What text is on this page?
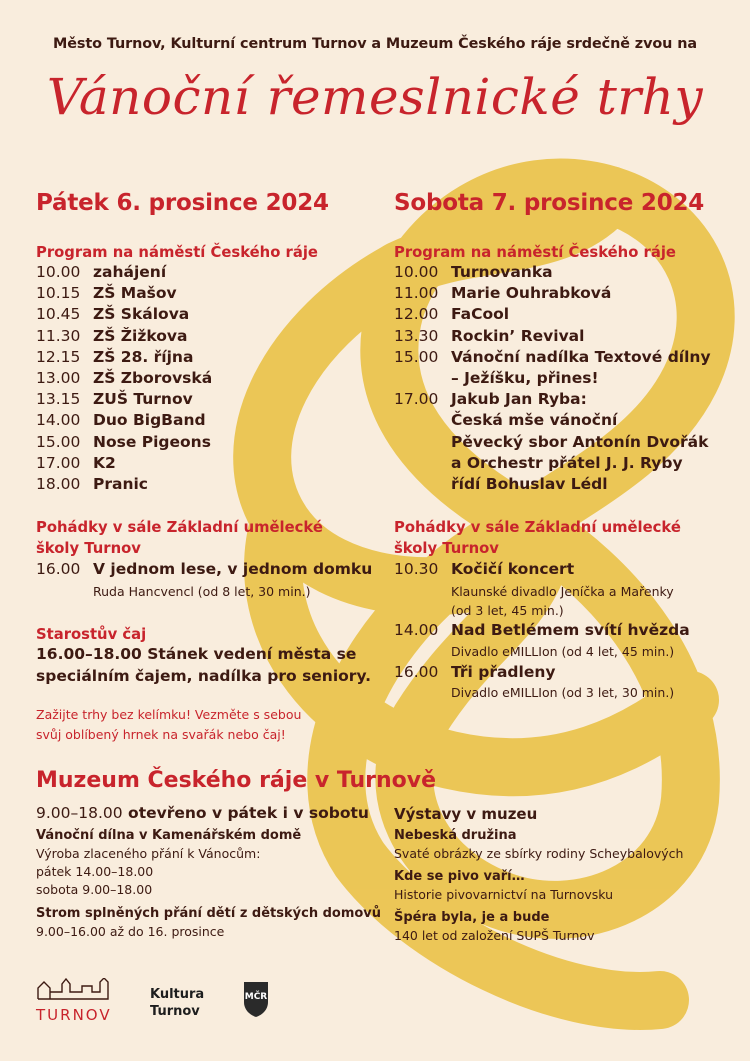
Město Turnov, Kulturní centrum Turnov a Muzeum Českého ráje srdečně zvou na
Vánoční řemeslnické trhy
Pátek 6. prosince 2024
Program na náměstí Českého ráje
10.00 zahájení
10.15 ZŠ Mašov
10.45 ZŠ Skálova
11.30 ZŠ Žižkova
12.15 ZŠ 28. října
13.00 ZŠ Zborovská
13.15 ZUŠ Turnov
14.00 Duo BigBand
15.00 Nose Pigeons
17.00 K2
18.00 Pranic
Pohádky v sále Základní umělecké
školy Turnov
16.00 V jednom lese, v jednom domku
Ruda Hancvencl (od 8 let, 30 min.)
Starostův čaj
16.00–18.00 Stánek vedení města se
speciálním čajem, nadílka pro seniory.
Zažijte trhy bez kelímku! Vezměte s sebou
svůj oblíbený hrnek na svařák nebo čaj!
Sobota 7. prosince 2024
Program na náměstí Českého ráje
10.00 Turnovanka
11.00 Marie Ouhrabková
12.00 FaCool
13.30 Rockin’ Revival
15.00 Vánoční nadílka Textové dílny
– Ježíšku, přines!
17.00 Jakub Jan Ryba:
Česká mše vánoční
Pěvecký sbor Antonín Dvořák
a Orchestr přátel J. J. Ryby
řídí Bohuslav Lédl
Pohádky v sále Základní umělecké
školy Turnov
10.30 Kočičí koncert
Klaunské divadlo Jeníčka a Mařenky
(od 3 let, 45 min.)
14.00 Nad Betlémem svítí hvězda
Divadlo eMILLIon (od 4 let, 45 min.)
16.00 Tři přadleny
Divadlo eMILLIon (od 3 let, 30 min.)
Muzeum Českého ráje v Turnově
9.00–18.00 otevřeno v pátek i v sobotu
Vánoční dílna v Kamenářském domě
Výroba zlaceného přání k Vánocům:
pátek 14.00–18.00
sobota 9.00–18.00
Strom splněných přání dětí z dětských domovů
9.00–16.00 až do 16. prosince
Výstavy v muzeu
Nebeská družina
Svaté obrázky ze sbírky rodiny Scheybalových
Kde se pivo vaří…
Historie pivovarnictví na Turnovsku
Špéra byla, je a bude
140 let od založení SUPŠ Turnov
TURNOV
Kultura
Turnov
MČR
